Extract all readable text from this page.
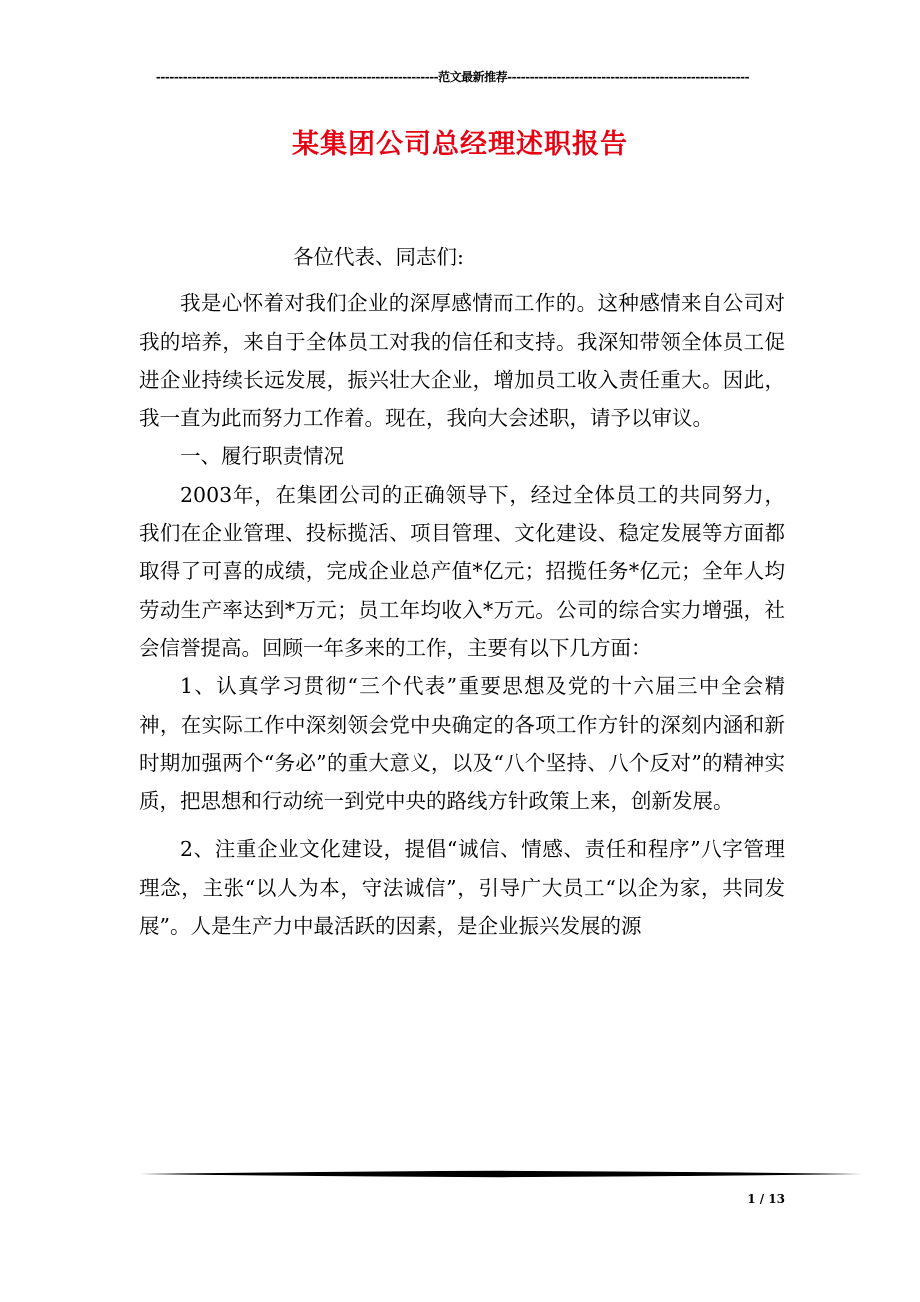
---------------------------------------------------------------范文最新推荐------------------------------------------------------
某集团公司总经理述职报告

各位代表、同志们:

我是心怀着对我们企业的深厚感情而工作的。这种感情来自公司对我的培养，来自于全体员工对我的信任和支持。我深知带领全体员工促进企业持续长远发展，振兴壮大企业，增加员工收入责任重大。因此，我一直为此而努力工作着。现在，我向大会述职，请予以审议。

一、履行职责情况

2003年，在集团公司的正确领导下，经过全体员工的共同努力，我们在企业管理、投标揽活、项目管理、文化建设、稳定发展等方面都取得了可喜的成绩，完成企业总产值*亿元；招揽任务*亿元；全年人均劳动生产率达到*万元；员工年均收入*万元。公司的综合实力增强，社会信誉提高。回顾一年多来的工作，主要有以下几方面：

1、认真学习贯彻“三个代表”重要思想及党的十六届三中全会精神，在实际工作中深刻领会党中央确定的各项工作方针的深刻内涵和新时期加强两个“务必”的重大意义，以及“八个坚持、八个反对”的精神实质，把思想和行动统一到党中央的路线方针政策上来，创新发展。

2、注重企业文化建设，提倡“诚信、情感、责任和程序”八字管理理念，主张“以人为本，守法诚信”，引导广大员工“以企为家，共同发展”。人是生产力中最活跃的因素，是企业振兴发展的源

1 / 13
